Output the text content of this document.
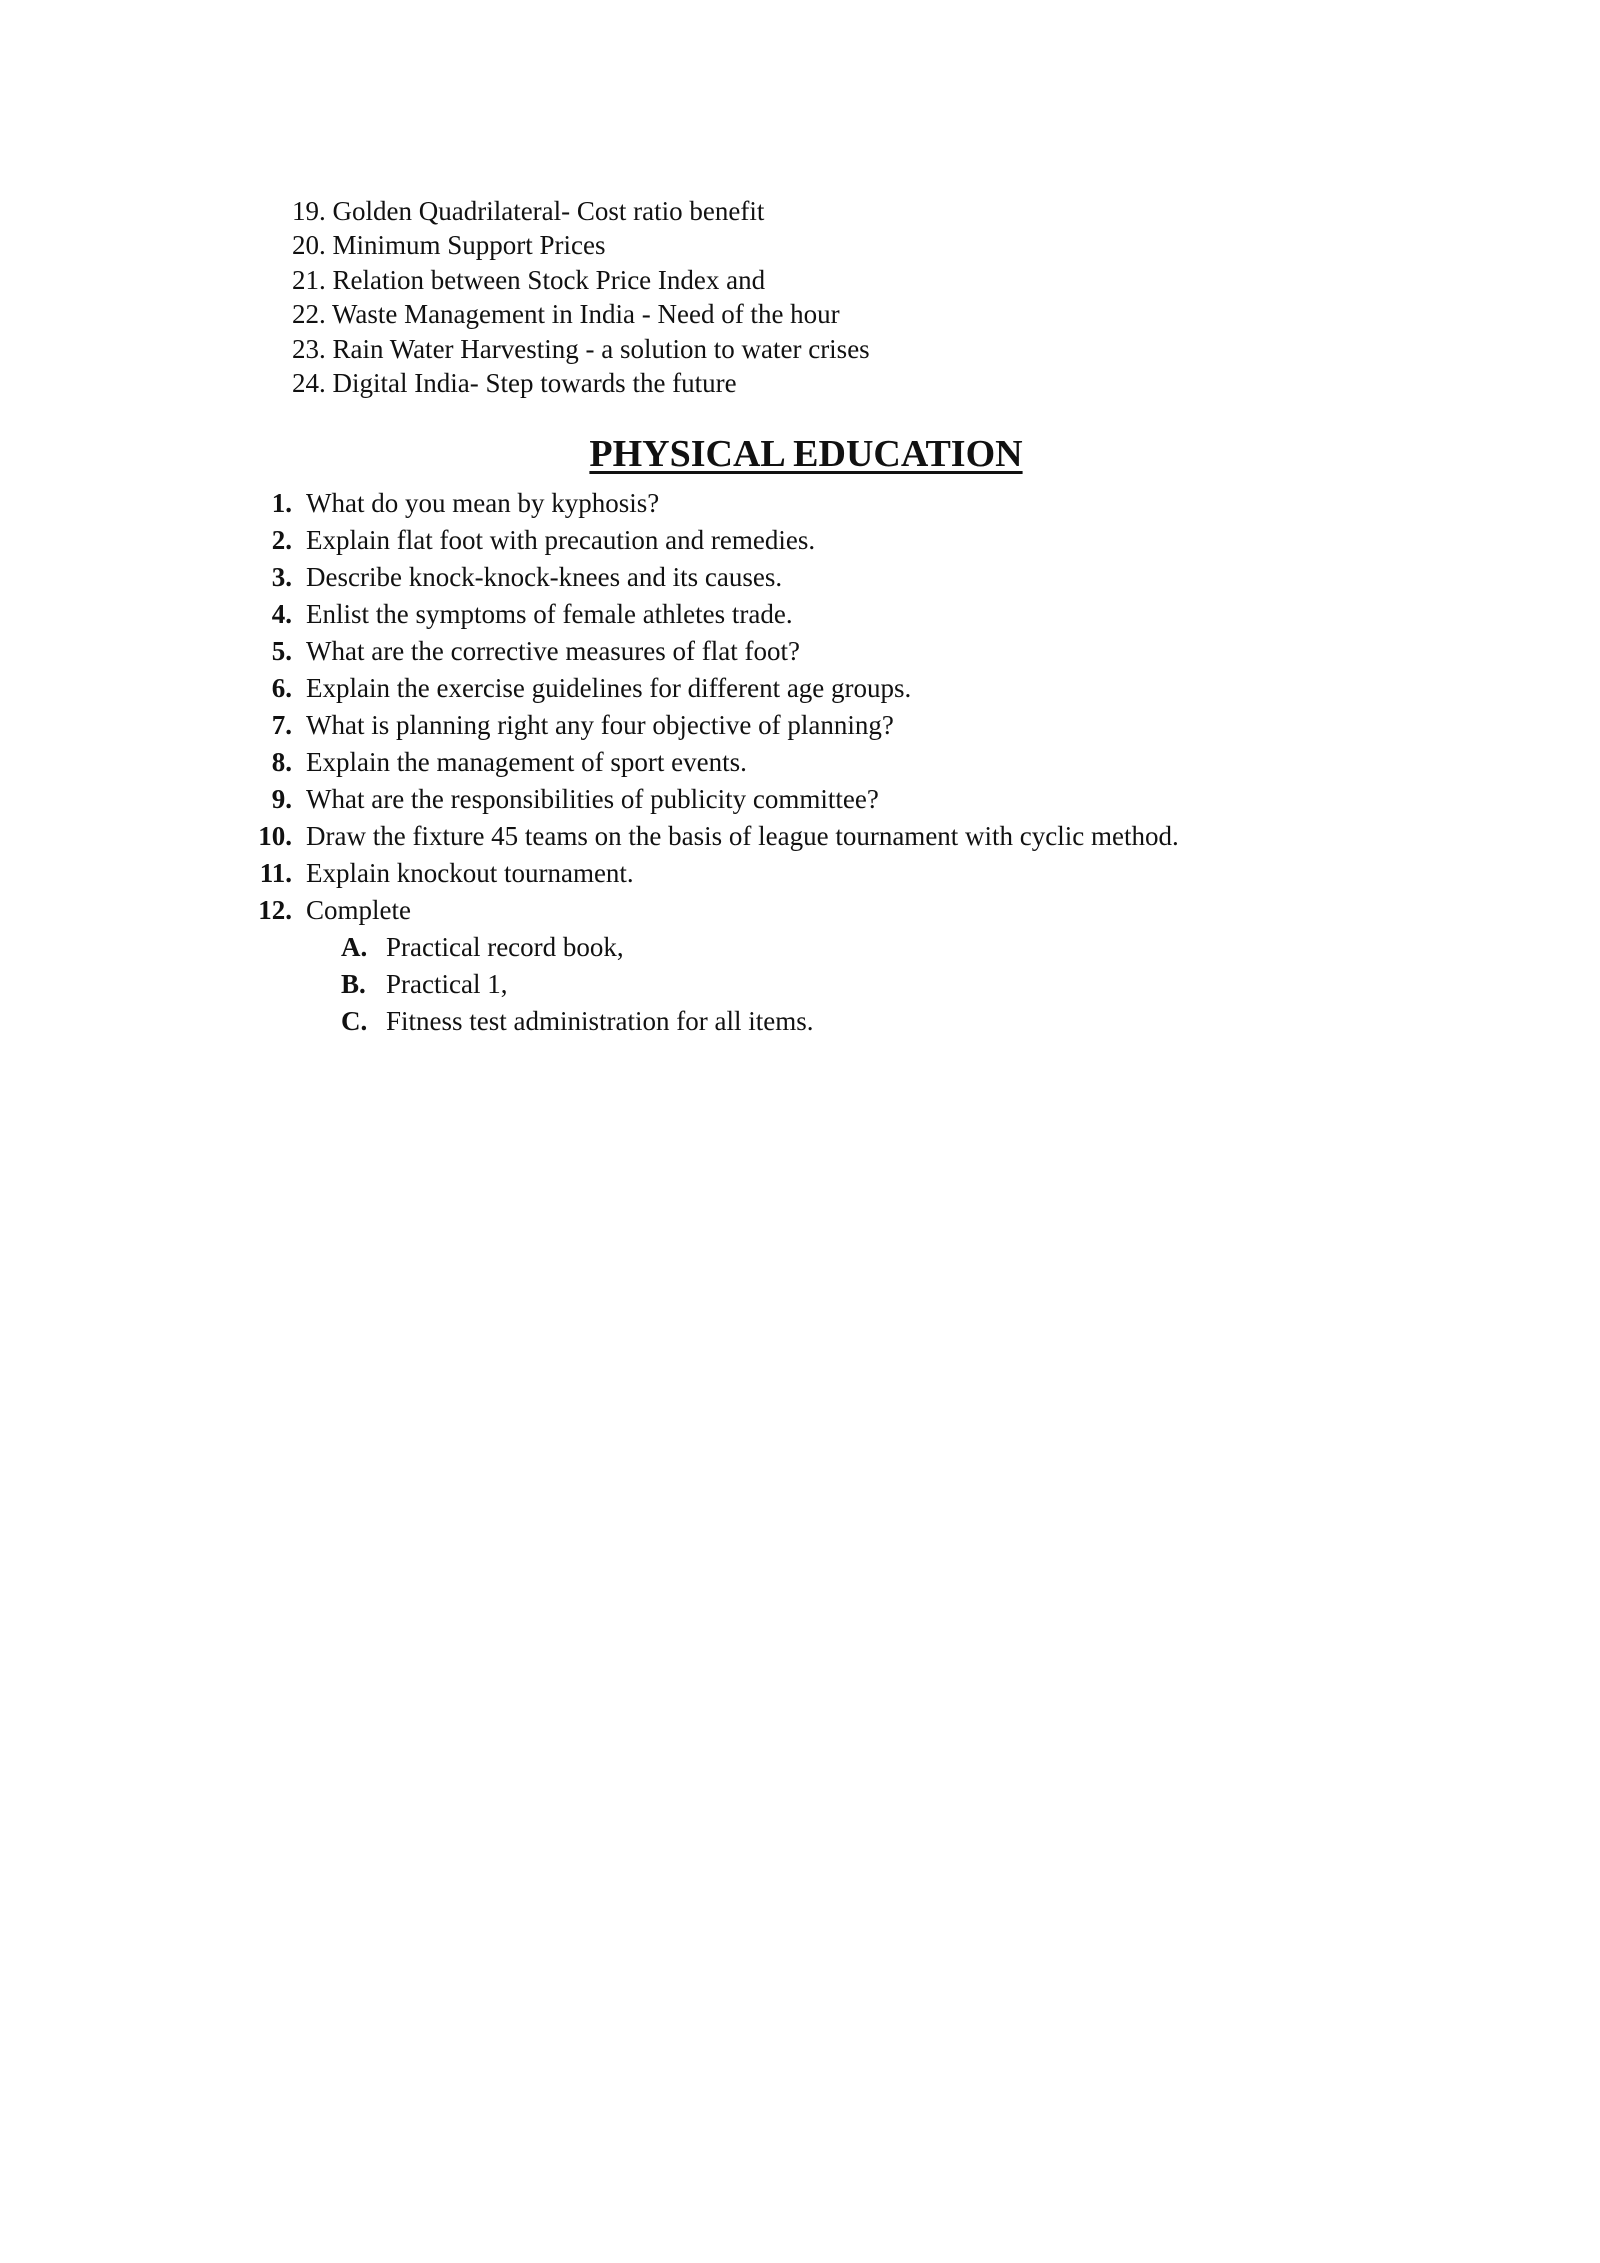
19. Golden Quadrilateral- Cost ratio benefit
20. Minimum Support Prices
21. Relation between Stock Price Index and
22. Waste Management in India - Need of the hour
23. Rain Water Harvesting - a solution to water crises
24. Digital India- Step towards the future
PHYSICAL EDUCATION
1. What do you mean by kyphosis?
2. Explain flat foot with precaution and remedies.
3. Describe knock-knock-knees and its causes.
4. Enlist the symptoms of female athletes trade.
5. What are the corrective measures of flat foot?
6. Explain the exercise guidelines for different age groups.
7. What is planning right any four objective of planning?
8. Explain the management of sport events.
9. What are the responsibilities of publicity committee?
10. Draw the fixture 45 teams on the basis of league tournament with cyclic method.
11. Explain knockout tournament.
12. Complete
A. Practical record book,
B. Practical 1,
C. Fitness test administration for all items.
